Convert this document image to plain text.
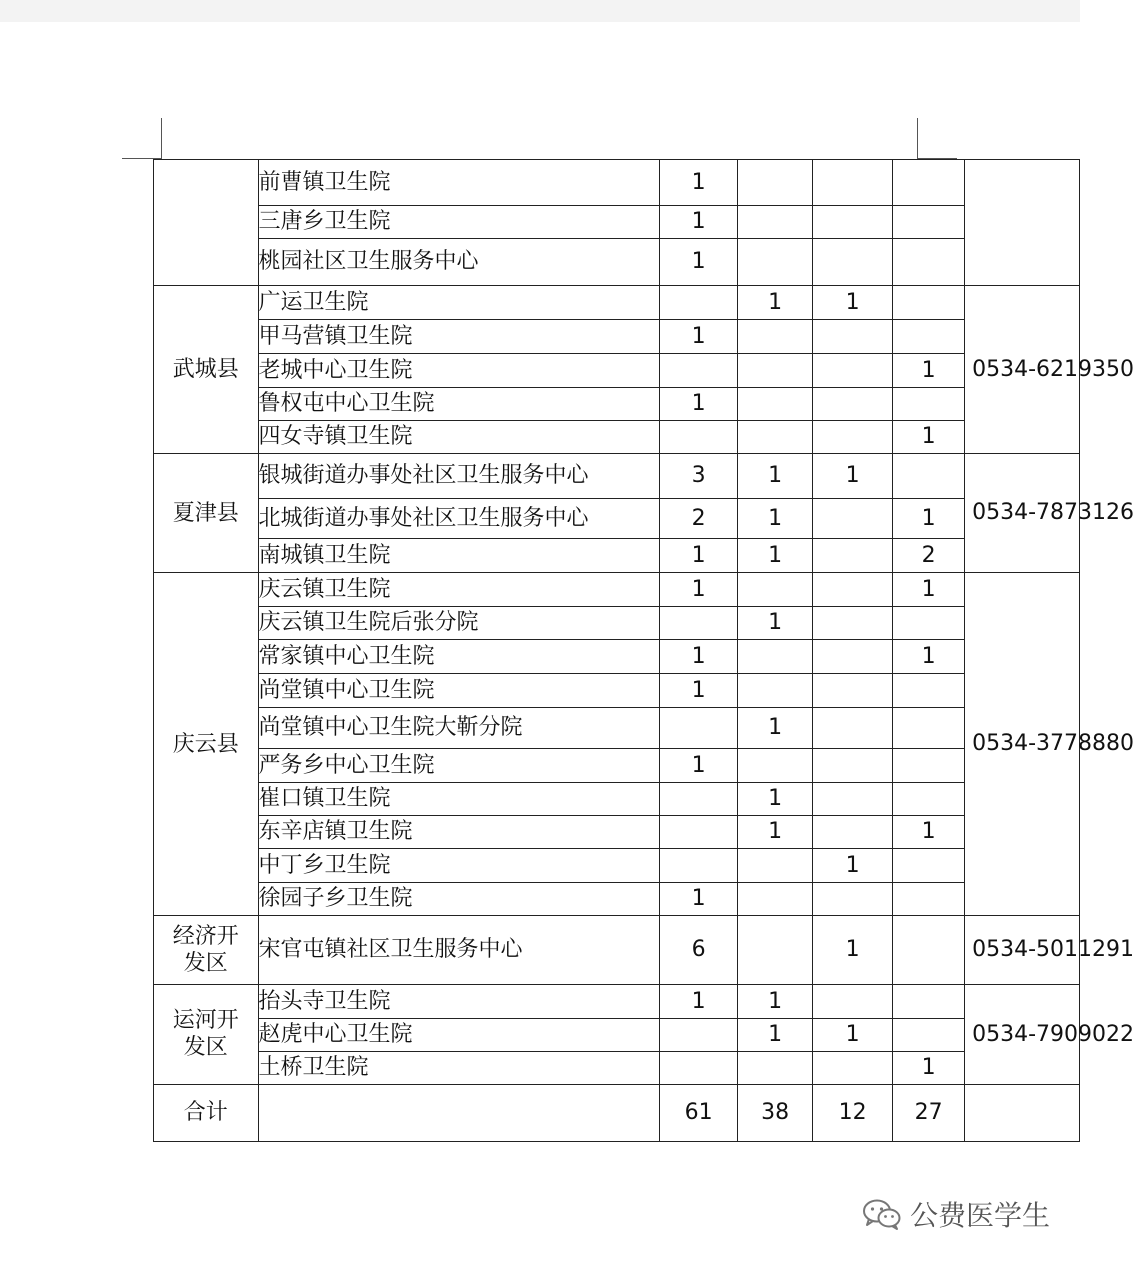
	前曹镇卫生院	1				
	三唐乡卫生院	1				
	桃园社区卫生服务中心	1				
武城县	广运卫生院		1	1		0534-6219350
	甲马营镇卫生院	1				
	老城中心卫生院				1	
	鲁权屯中心卫生院	1				
	四女寺镇卫生院				1	
夏津县	银城街道办事处社区卫生服务中心	3	1	1		0534-7873126
	北城街道办事处社区卫生服务中心	2	1		1	
	南城镇卫生院	1	1		2	
庆云县	庆云镇卫生院	1			1	0534-3778880
	庆云镇卫生院后张分院		1			
	常家镇中心卫生院	1			1	
	尚堂镇中心卫生院	1				
	尚堂镇中心卫生院大靳分院		1			
	严务乡中心卫生院	1				
	崔口镇卫生院		1			
	东辛店镇卫生院		1		1	
	中丁乡卫生院			1		
	徐园子乡卫生院	1				
经济开发区	宋官屯镇社区卫生服务中心	6		1		0534-5011291
运河开发区	抬头寺卫生院	1	1			0534-7909022
	赵虎中心卫生院		1	1		
	土桥卫生院				1	
合计		61	38	12	27	
公费医学生
